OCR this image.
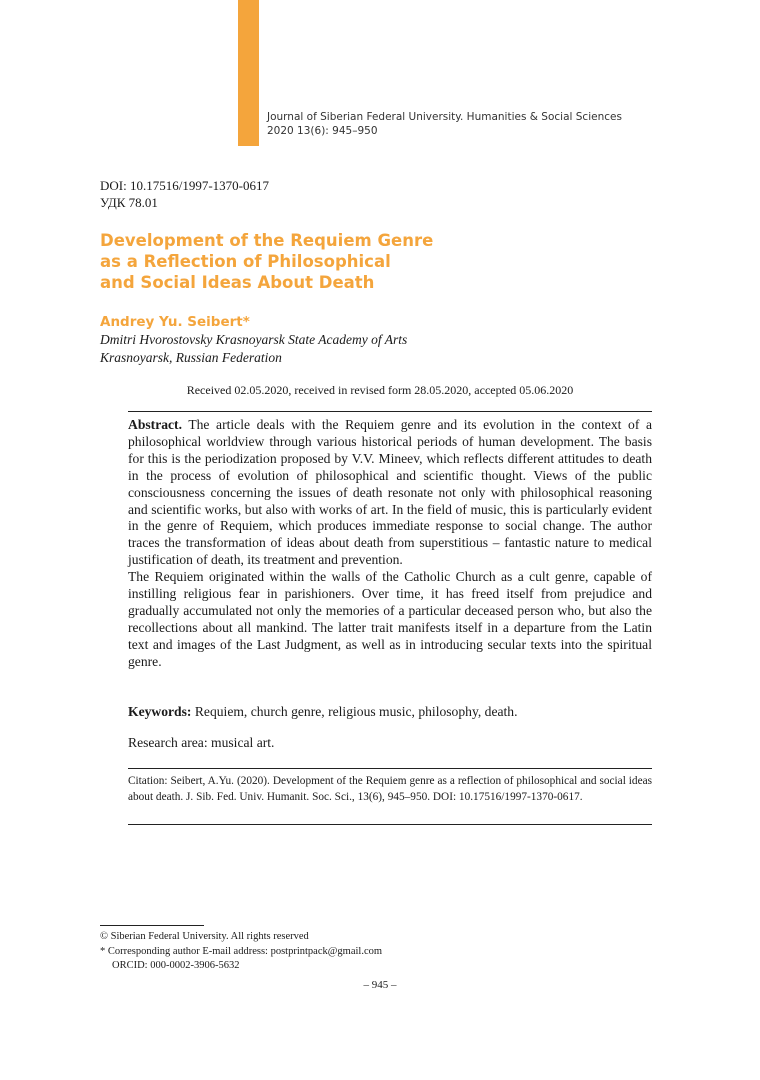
Journal of Siberian Federal University. Humanities & Social Sciences
2020 13(6): 945–950
DOI: 10.17516/1997-1370-0617
УДК 78.01
Development of the Requiem Genre
as a Reflection of Philosophical
and Social Ideas About Death
Andrey Yu. Seibert*
Dmitri Hvorostovsky Krasnoyarsk State Academy of Arts
Krasnoyarsk, Russian Federation
Received 02.05.2020, received in revised form 28.05.2020, accepted 05.06.2020

Abstract. The article deals with the Requiem genre and its evolution in the context of a philosophical worldview through various historical periods of human development. The basis for this is the periodization proposed by V.V. Mineev, which reflects different attitudes to death in the process of evolution of philosophical and scientific thought. Views of the public consciousness concerning the issues of death resonate not only with philosophical reasoning and scientific works, but also with works of art. In the field of music, this is particularly evident in the genre of Requiem, which produces immediate response to social change. The author traces the transformation of ideas about death from superstitious – fantastic nature to medical justification of death, its treatment and prevention.

The Requiem originated within the walls of the Catholic Church as a cult genre, capable of instilling religious fear in parishioners. Over time, it has freed itself from prejudice and gradually accumulated not only the memories of a particular deceased person who, but also the recollections about all mankind. The latter trait manifests itself in a departure from the Latin text and images of the Last Judgment, as well as in introducing secular texts into the spiritual genre.

Keywords: Requiem, church genre, religious music, philosophy, death.
Research area: musical art.
Citation: Seibert, A.Yu. (2020). Development of the Requiem genre as a reflection of philosophical and social ideas about death. J. Sib. Fed. Univ. Humanit. Soc. Sci., 13(6), 945–950. DOI: 10.17516/1997-1370-0617.
© Siberian Federal University. All rights reserved
* Corresponding author E-mail address: postprintpack@gmail.com
ORCID: 000-0002-3906-5632
– 945 –
